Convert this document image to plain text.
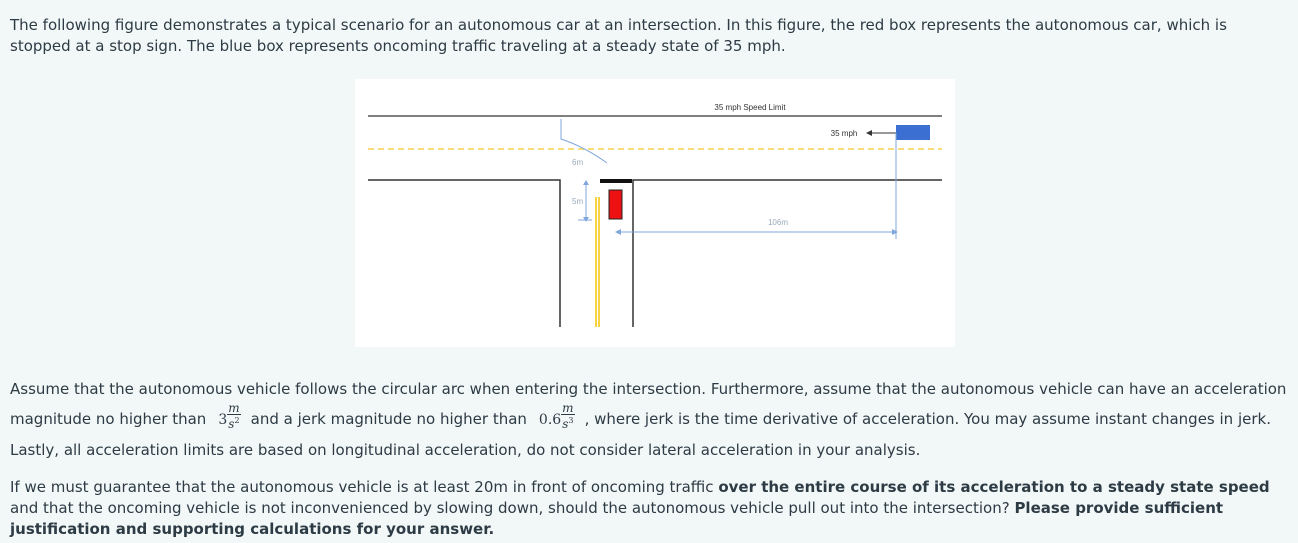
The following figure demonstrates a typical scenario for an autonomous car at an intersection. In this figure, the red box represents the autonomous car, which is stopped at a stop sign. The blue box represents oncoming traffic traveling at a steady state of 35 mph.

35 mph Speed Limit
35 mph
6m
5m
106m

Assume that the autonomous vehicle follows the circular arc when entering the intersection. Furthermore, assume that the autonomous vehicle can have an acceleration magnitude no higher than $3 \frac{m}{s^2}$ and a jerk magnitude no higher than $0.6 \frac{m}{s^3}$ , where jerk is the time derivative of acceleration. You may assume instant changes in jerk. Lastly, all acceleration limits are based on longitudinal acceleration, do not consider lateral acceleration in your analysis.

If we must guarantee that the autonomous vehicle is at least 20m in front of oncoming traffic over the entire course of its acceleration to a steady state speed and that the oncoming vehicle is not inconvenienced by slowing down, should the autonomous vehicle pull out into the intersection? Please provide sufficient justification and supporting calculations for your answer.
